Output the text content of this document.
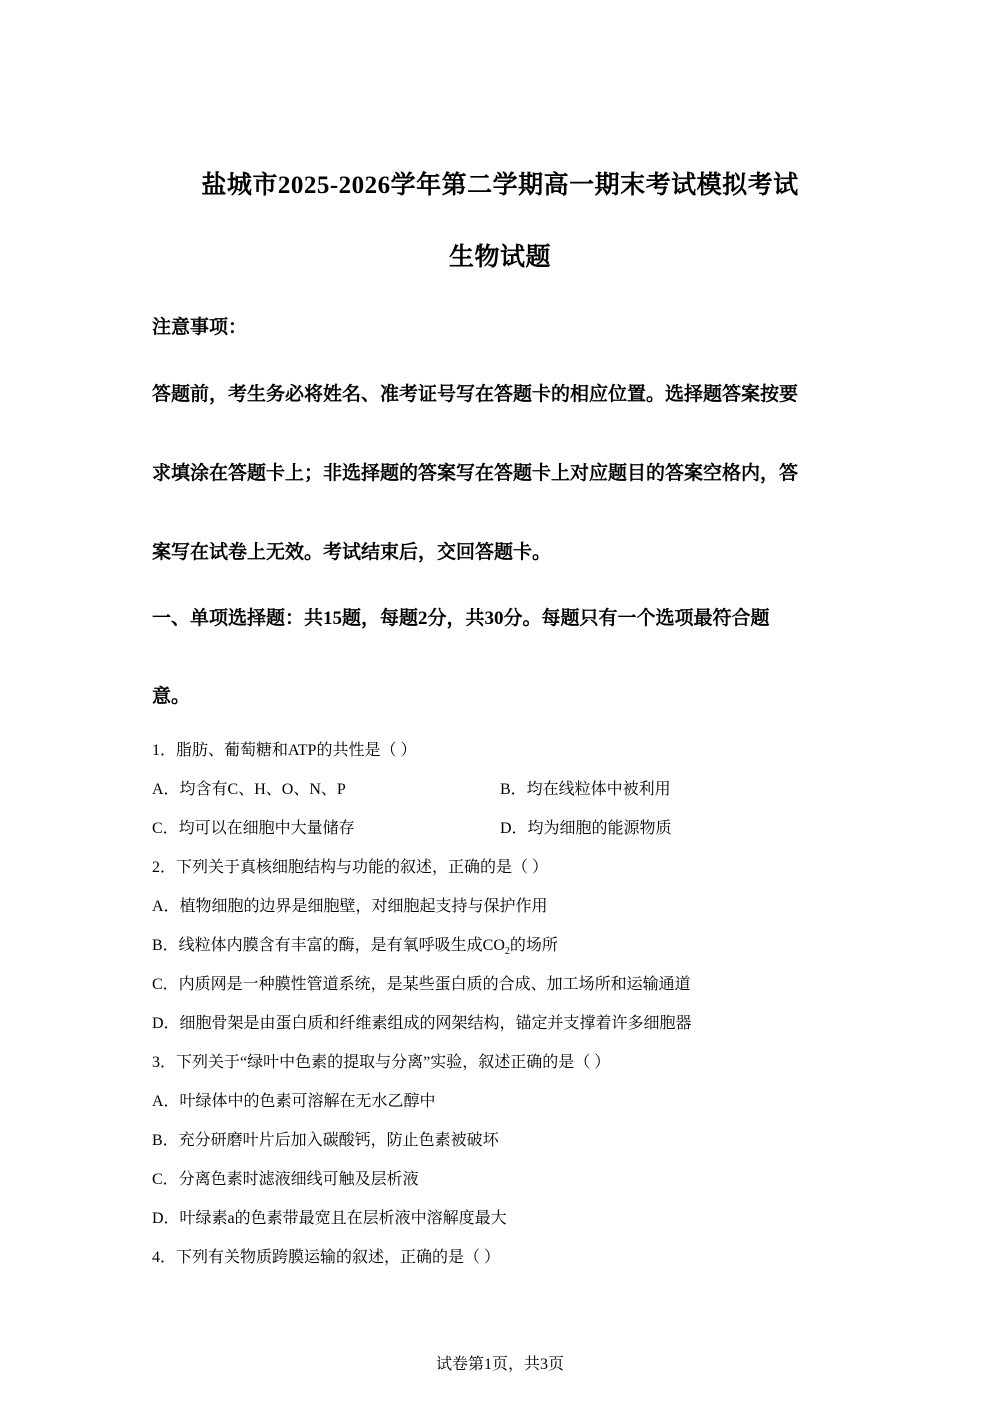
盐城市2025-2026学年第二学期高一期末考试模拟考试
生物试题
注意事项：
答题前，考生务必将姓名、准考证号写在答题卡的相应位置。选择题答案按要
求填涂在答题卡上；非选择题的答案写在答题卡上对应题目的答案空格内，答
案写在试卷上无效。考试结束后，交回答题卡。
一、单项选择题：共15题，每题2分，共30分。每题只有一个选项最符合题
意。
1．脂肪、葡萄糖和ATP的共性是（ ）
A．均含有C、H、O、N、P	B．均在线粒体中被利用
C．均可以在细胞中大量储存	D．均为细胞的能源物质
2．下列关于真核细胞结构与功能的叙述，正确的是（ ）
A．植物细胞的边界是细胞壁，对细胞起支持与保护作用
B．线粒体内膜含有丰富的酶，是有氧呼吸生成$CO_2$的场所
C．内质网是一种膜性管道系统，是某些蛋白质的合成、加工场所和运输通道
D．细胞骨架是由蛋白质和纤维素组成的网架结构，锚定并支撑着许多细胞器
3．下列关于“绿叶中色素的提取与分离”实验，叙述正确的是（ ）
A．叶绿体中的色素可溶解在无水乙醇中
B．充分研磨叶片后加入碳酸钙，防止色素被破坏
C．分离色素时滤液细线可触及层析液
D．叶绿素a的色素带最宽且在层析液中溶解度最大
4．下列有关物质跨膜运输的叙述，正确的是（ ）
试卷第1页，共3页
